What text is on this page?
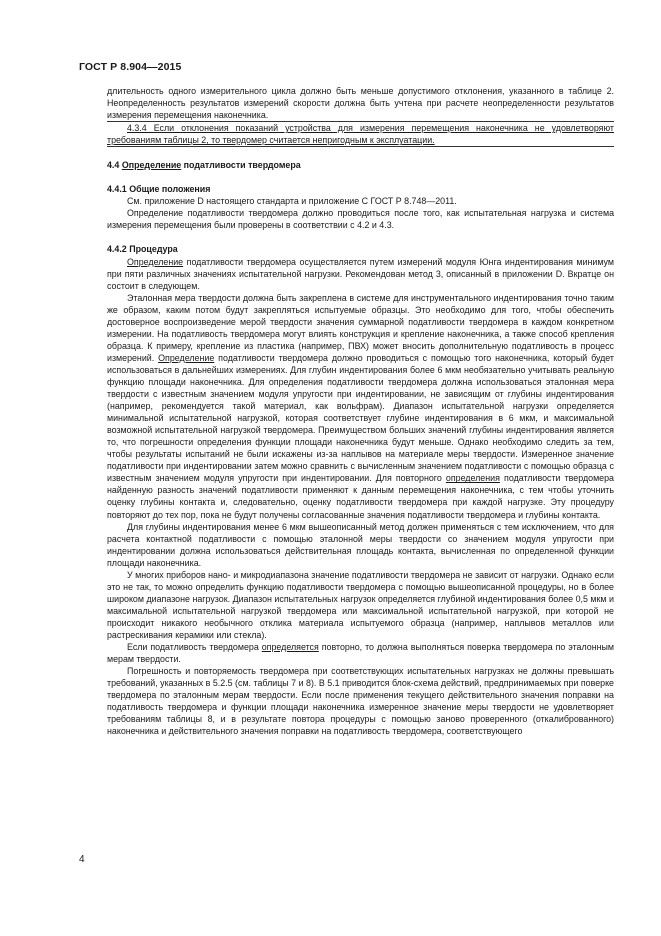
ГОСТ Р 8.904—2015

длительность одного измерительного цикла должно быть меньше допустимого отклонения, указанного в таблице 2. Неопределенность результатов измерений скорости должна быть учтена при расчете неопределенности результатов измерения перемещения наконечника.

4.3.4 Если отклонения показаний устройства для измерения перемещения наконечника не удовлетворяют требованиям таблицы 2, то твердомер считается непригодным к эксплуатации.

4.4 Определение податливости твердомера

4.4.1 Общие положения

См. приложение D настоящего стандарта и приложение C ГОСТ Р 8.748—2011.

Определение податливости твердомера должно проводиться после того, как испытательная нагрузка и система измерения перемещения были проверены в соответствии с 4.2 и 4.3.

4.4.2 Процедура

Определение податливости твердомера осуществляется путем измерений модуля Юнга индентирования минимум при пяти различных значениях испытательной нагрузки. Рекомендован метод 3, описанный в приложении D. Вкратце он состоит в следующем.

Эталонная мера твердости должна быть закреплена в системе для инструментального индентирования точно таким же образом, каким потом будут закрепляться испытуемые образцы. Это необходимо для того, чтобы обеспечить достоверное воспроизведение мерой твердости значения суммарной податливости твердомера в каждом конкретном измерении. На податливость твердомера могут влиять конструкция и крепление наконечника, а также способ крепления образца. К примеру, крепление из пластика (например, ПВХ) может вносить дополнительную податливость в процесс измерений. Определение податливости твердомера должно проводиться с помощью того наконечника, который будет использоваться в дальнейших измерениях. Для глубин индентирования более 6 мкм необязательно учитывать реальную функцию площади наконечника. Для определения податливости твердомера должна использоваться эталонная мера твердости с известным значением модуля упругости при индентировании, не зависящим от глубины индентирования (например, рекомендуется такой материал, как вольфрам). Диапазон испытательной нагрузки определяется минимальной испытательной нагрузкой, которая соответствует глубине индентирования в 6 мкм, и максимальной возможной испытательной нагрузкой твердомера. Преимуществом больших значений глубины индентирования является то, что погрешности определения функции площади наконечника будут меньше. Однако необходимо следить за тем, чтобы результаты испытаний не были искажены из-за наплывов на материале меры твердости. Измеренное значение податливости при индентировании затем можно сравнить с вычисленным значением податливости с помощью образца с известным значением модуля упругости при индентировании. Для повторного определения податливости твердомера найденную разность значений податливости применяют к данным перемещения наконечника, с тем чтобы уточнить оценку глубины контакта и, следовательно, оценку податливости твердомера при каждой нагрузке. Эту процедуру повторяют до тех пор, пока не будут получены согласованные значения податливости твердомера и глубины контакта.

Для глубины индентирования менее 6 мкм вышеописанный метод должен применяться с тем исключением, что для расчета контактной податливости с помощью эталонной меры твердости со значением модуля упругости при индентировании должна использоваться действительная площадь контакта, вычисленная по определенной функции площади наконечника.

У многих приборов нано- и микродиапазона значение податливости твердомера не зависит от нагрузки. Однако если это не так, то можно определить функцию податливости твердомера с помощью вышеописанной процедуры, но в более широком диапазоне нагрузок. Диапазон испытательных нагрузок определяется глубиной индентирования более 0,5 мкм и максимальной испытательной нагрузкой твердомера или максимальной испытательной нагрузкой, при которой не происходит никакого необычного отклика материала испытуемого образца (например, наплывов металлов или растрескивания керамики или стекла).

Если податливость твердомера определяется повторно, то должна выполняться поверка твердомера по эталонным мерам твердости.

Погрешность и повторяемость твердомера при соответствующих испытательных нагрузках не должны превышать требований, указанных в 5.2.5 (см. таблицы 7 и 8). В 5.1 приводится блок-схема действий, предпринимаемых при поверке твердомера по эталонным мерам твердости. Если после применения текущего действительного значения поправки на податливость твердомера и функции площади наконечника измеренное значение меры твердости не удовлетворяет требованиям таблицы 8, и в результате повтора процедуры с помощью заново проверенного (откалиброванного) наконечника и действительного значения поправки на податливость твердомера, соответствующего

4
